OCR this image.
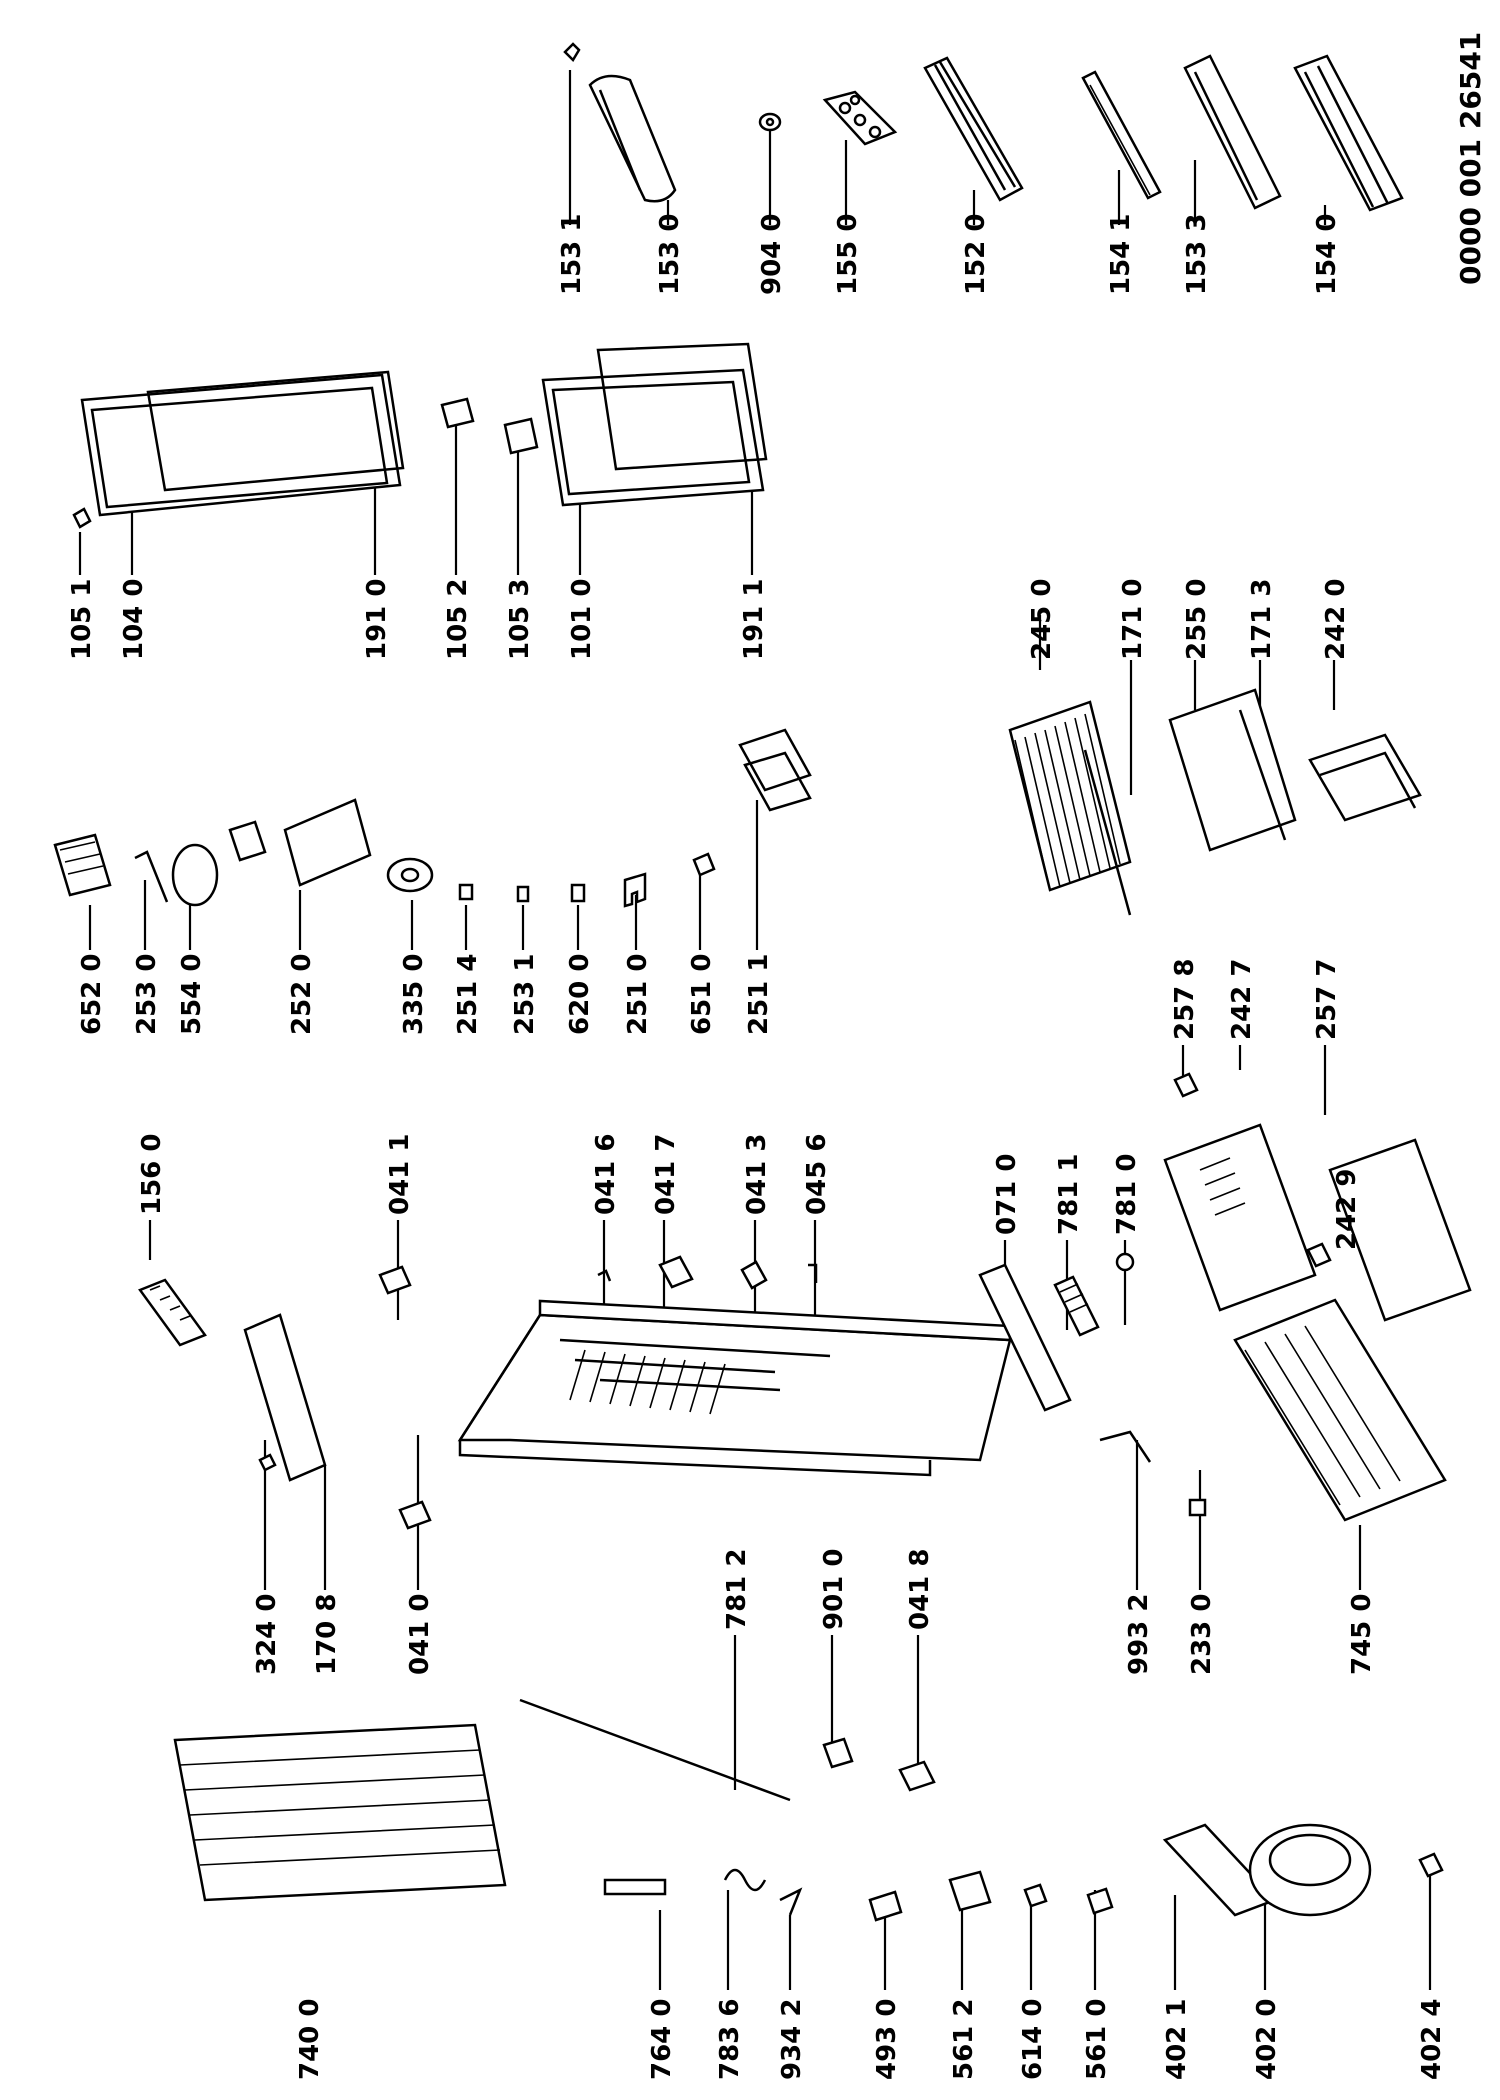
153 1	153 0	904 0 155 0	152 0	154 1 153 3	154 0	0000 001 26541
105 1 104 0	191 0 105 2 105 3 101 0	191 1	245 0 171 0 255 0 171 3 242 0
652 0 253 0 554 0	252 0	335 0 251 4 253 1 620 0 251 0 651 0 251 1
156 0	041 1	041 6 041 7 041 3 045 6	071 0 781 1 781 0
257 8 242 7 257 7
242 9
324 0 170 8 041 0	993 2 233 0	745 0
781 2	901 0 041 8
740 0	764 0 783 6 934 2	493 0 561 2 614 0 561 0 402 1 402 0	402 4
